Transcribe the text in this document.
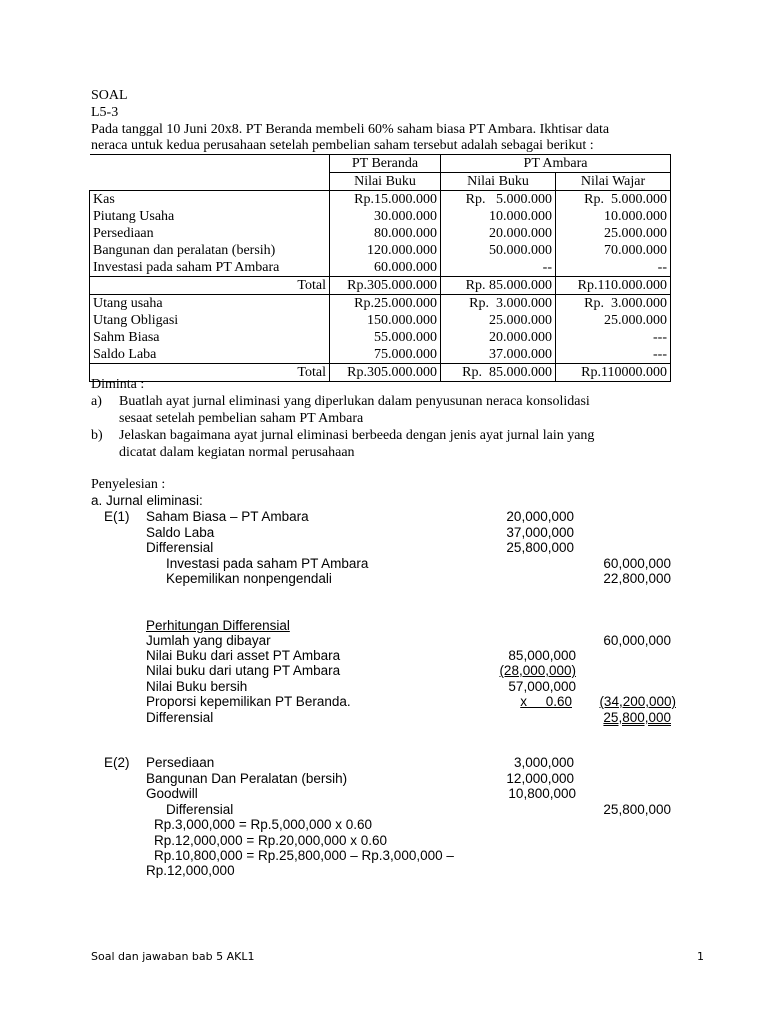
SOAL
L5-3
Pada tanggal 10 Juni 20x8. PT Beranda membeli 60% saham biasa PT Ambara. Ikhtisar data
neraca untuk kedua perusahaan setelah pembelian saham tersebut adalah sebagai berikut :
	PT Beranda	PT Ambara	
	Nilai Buku	Nilai Buku	Nilai Wajar
Kas	Rp.15.000.000	Rp.   5.000.000	Rp.  5.000.000
Piutang Usaha	30.000.000	10.000.000	10.000.000
Persediaan	80.000.000	20.000.000	25.000.000
Bangunan dan peralatan (bersih)	120.000.000	50.000.000	70.000.000
Investasi pada saham PT Ambara	60.000.000	--	--
Total	Rp.305.000.000	Rp. 85.000.000	Rp.110.000.000
Utang usaha	Rp.25.000.000	Rp.  3.000.000	Rp.  3.000.000
Utang Obligasi	150.000.000	25.000.000	25.000.000
Sahm Biasa	55.000.000	20.000.000	---
Saldo Laba	75.000.000	37.000.000	---
Total	Rp.305.000.000	Rp.  85.000.000	Rp.110000.000
Diminta :
a) Buatlah ayat jurnal eliminasi yang diperlukan dalam penyusunan neraca konsolidasi
sesaat setelah pembelian saham PT Ambara
b) Jelaskan bagaimana ayat jurnal eliminasi berbeeda dengan jenis ayat jurnal lain yang
dicatat dalam kegiatan normal perusahaan
Penyelesian :
a. Jurnal eliminasi:
E(1) Saham Biasa – PT Ambara	20,000,000
Saldo Laba	37,000,000
Differensial	25,800,000
Investasi pada saham PT Ambara	60,000,000
Kepemilikan nonpengendali	22,800,000
Perhitungan Differensial
Jumlah yang dibayar	60,000,000
Nilai Buku dari asset PT Ambara	85,000,000
Nilai buku dari utang PT Ambara	(28,000,000)
Nilai Buku bersih	57,000,000
Proporsi kepemilikan PT Beranda.	x     0.60	(34,200,000)
Differensial	25,800,000
E(2) Persediaan	3,000,000
Bangunan Dan Peralatan (bersih)	12,000,000
Goodwill	10,800,000
Differensial	25,800,000
Rp.3,000,000 = Rp.5,000,000 x 0.60
Rp.12,000,000 = Rp.20,000,000 x 0.60
Rp.10,800,000 = Rp.25,800,000 – Rp.3,000,000 –
Rp.12,000,000
Soal dan jawaban bab 5 AKL1	1
